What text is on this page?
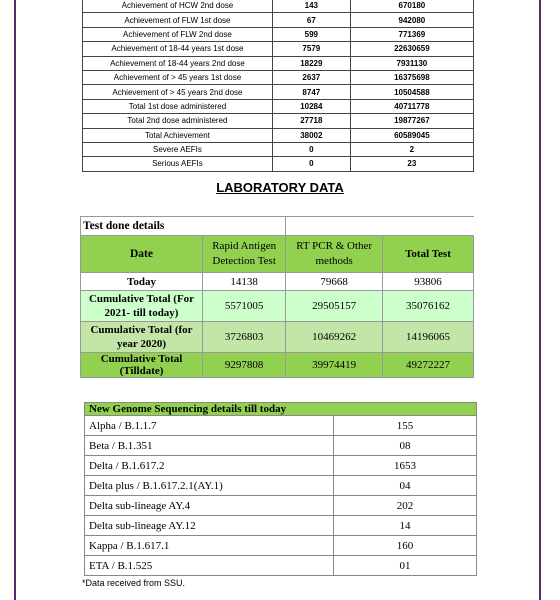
Achievement of HCW 2nd dose	143	670180
Achievement of FLW 1st dose	67	942080
Achievement of FLW 2nd dose	599	771369
Achievement of 18-44 years 1st dose	7579	22630659
Achievement of 18-44 years 2nd dose	18229	7931130
Achievement of > 45 years 1st dose	2637	16375698
Achievement of > 45 years 2nd dose	8747	10504588
Total 1st dose administered	10284	40711778
Total 2nd dose administered	27718	19877267
Total Achievement	38002	60589045
Severe AEFIs	0	2
Serious AEFIs	0	23
LABORATORY DATA
Test done details			
Date	Rapid Antigen Detection Test	RT PCR & Other methods	Total Test
Today	14138	79668	93806
Cumulative Total (For 2021- till today)	5571005	29505157	35076162
Cumulative Total (for year 2020)	3726803	10469262	14196065
Cumulative Total (Tilldate)	9297808	39974419	49272227
New Genome Sequencing details till today	
Alpha / B.1.1.7	155
Beta / B.1.351	08
Delta / B.1.617.2	1653
Delta plus / B.1.617.2.1(AY.1)	04
Delta sub-lineage AY.4	202
Delta sub-lineage AY.12	14
Kappa / B.1.617.1	160
ETA / B.1.525	01
*Data received from SSU.
